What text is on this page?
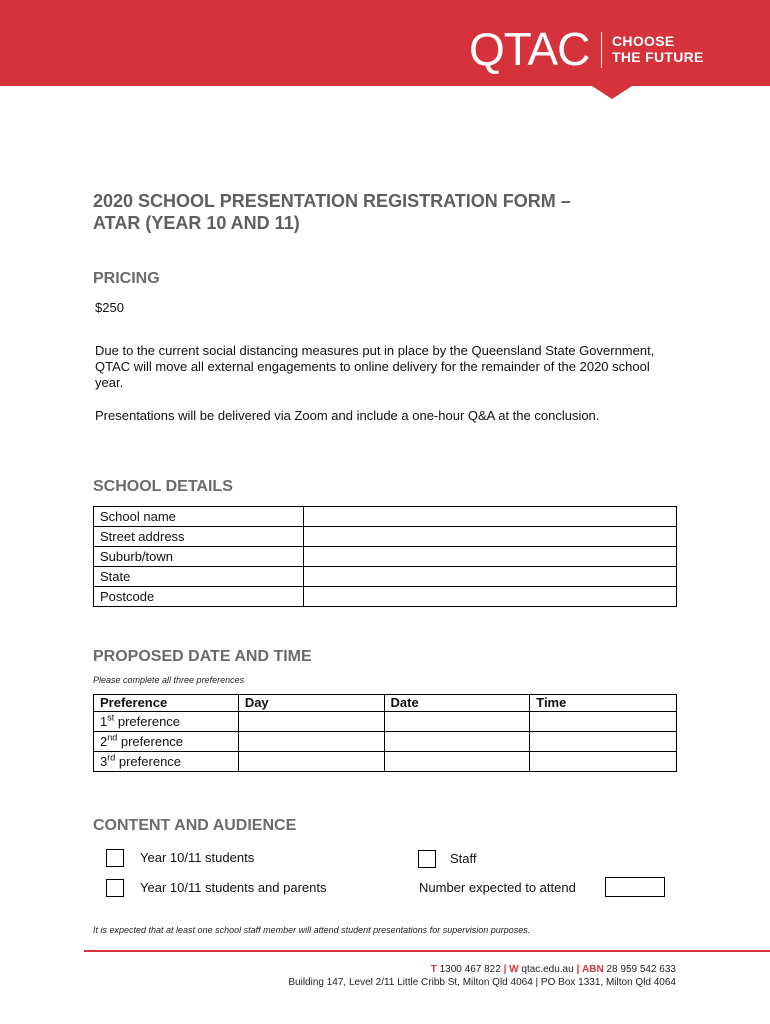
QTAC CHOOSE
THE FUTURE
2020 SCHOOL PRESENTATION REGISTRATION FORM –
ATAR (YEAR 10 AND 11)
PRICING

$250

Due to the current social distancing measures put in place by the Queensland State Government, QTAC will move all external engagements to online delivery for the remainder of the 2020 school year.

Presentations will be delivered via Zoom and include a one-hour Q&A at the conclusion.

SCHOOL DETAILS
School name	
Street address	
Suburb/town	
State	
Postcode	
PROPOSED DATE AND TIME
Please complete all three preferences
Preference	Day	Date	Time
1st preference			
2nd preference			
3rd preference			
CONTENT AND AUDIENCE
Year 10/11 students	Staff
Year 10/11 students and parents	Number expected to attend
It is expected that at least one school staff member will attend student presentations for supervision purposes.
T 1300 467 822 | W qtac.edu.au | ABN 28 959 542 633
Building 147, Level 2/11 Little Cribb St, Milton Qld 4064 | PO Box 1331, Milton Qld 4064
